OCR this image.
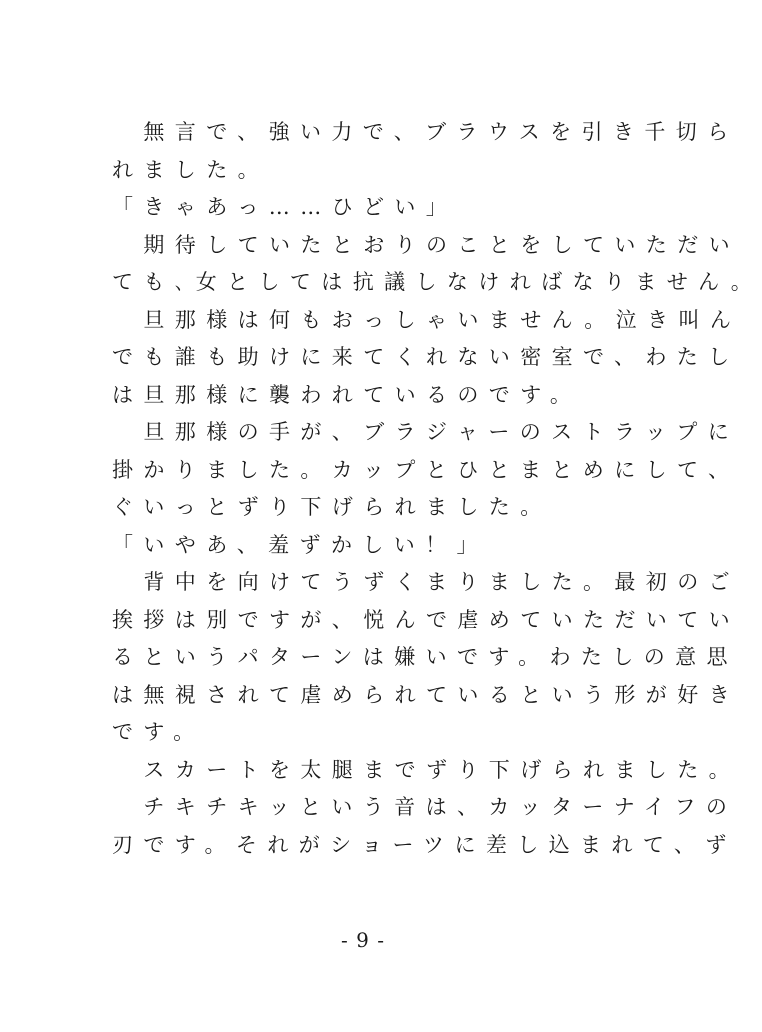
　無言で、強い力で、ブラウスを引き千切ら
れました。
「きゃあっ……ひどい」
　期待していたとおりのことをしていただい
ても､女としては抗議しなければなりません。
　旦那様は何もおっしゃいません。泣き叫ん
でも誰も助けに来てくれない密室で、わたし
は旦那様に襲われているのです。
　旦那様の手が、ブラジャーのストラップに
掛かりました。カップとひとまとめにして、
ぐいっとずり下げられました。
「いやあ、羞ずかしい！」
　背中を向けてうずくまりました。最初のご
挨拶は別ですが、悦んで虐めていただいてい
るというパターンは嫌いです。わたしの意思
は無視されて虐められているという形が好き
です。
　スカートを太腿までずり下げられました。
　チキチキッという音は、カッターナイフの
刃です。それがショーツに差し込まれて、ず
- 9 -
